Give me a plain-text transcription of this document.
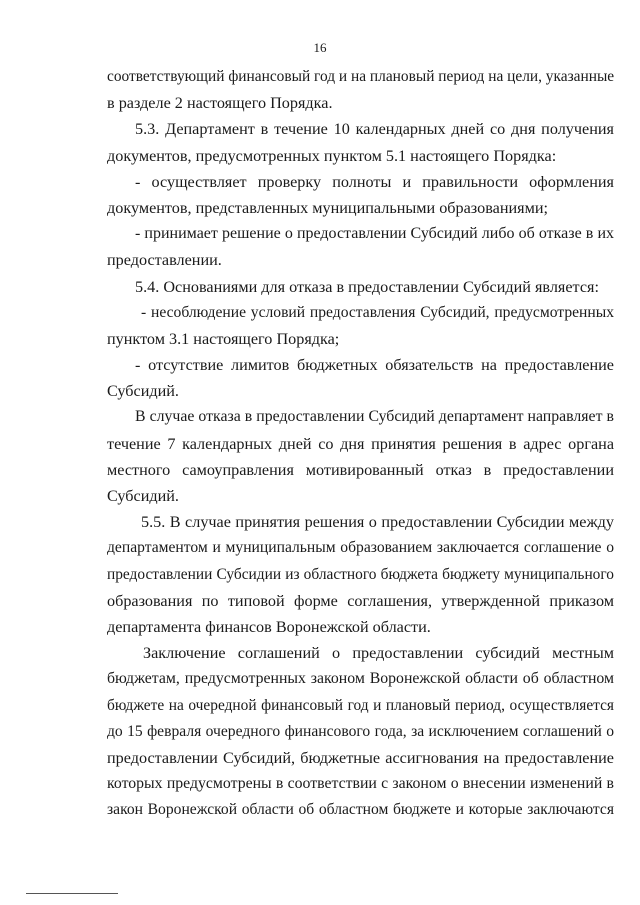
16
соответствующий финансовый год и на плановый период на цели, указанные
в разделе 2 настоящего Порядка.
5.3. Департамент в течение 10 календарных дней со дня получения
документов, предусмотренных пунктом 5.1 настоящего Порядка:
- осуществляет проверку полноты и правильности оформления
документов, представленных муниципальными образованиями;
- принимает решение о предоставлении Субсидий либо об отказе в их
предоставлении.
5.4. Основаниями для отказа в предоставлении Субсидий является:
- несоблюдение условий предоставления Субсидий, предусмотренных
пунктом 3.1 настоящего Порядка;
- отсутствие лимитов бюджетных обязательств на предоставление
Субсидий.
В случае отказа в предоставлении Субсидий департамент направляет в
течение 7 календарных дней со дня принятия решения в адрес органа
местного самоуправления мотивированный отказ в предоставлении
Субсидий.
5.5. В случае принятия решения о предоставлении Субсидии между
департаментом и муниципальным образованием заключается соглашение о
предоставлении Субсидии из областного бюджета бюджету муниципального
образования по типовой форме соглашения, утвержденной приказом
департамента финансов Воронежской области.
Заключение соглашений о предоставлении субсидий местным
бюджетам, предусмотренных законом Воронежской области об областном
бюджете на очередной финансовый год и плановый период, осуществляется
до 15 февраля очередного финансового года, за исключением соглашений о
предоставлении Субсидий, бюджетные ассигнования на предоставление
которых предусмотрены в соответствии с законом о внесении изменений в
закон Воронежской области об областном бюджете и которые заключаются
